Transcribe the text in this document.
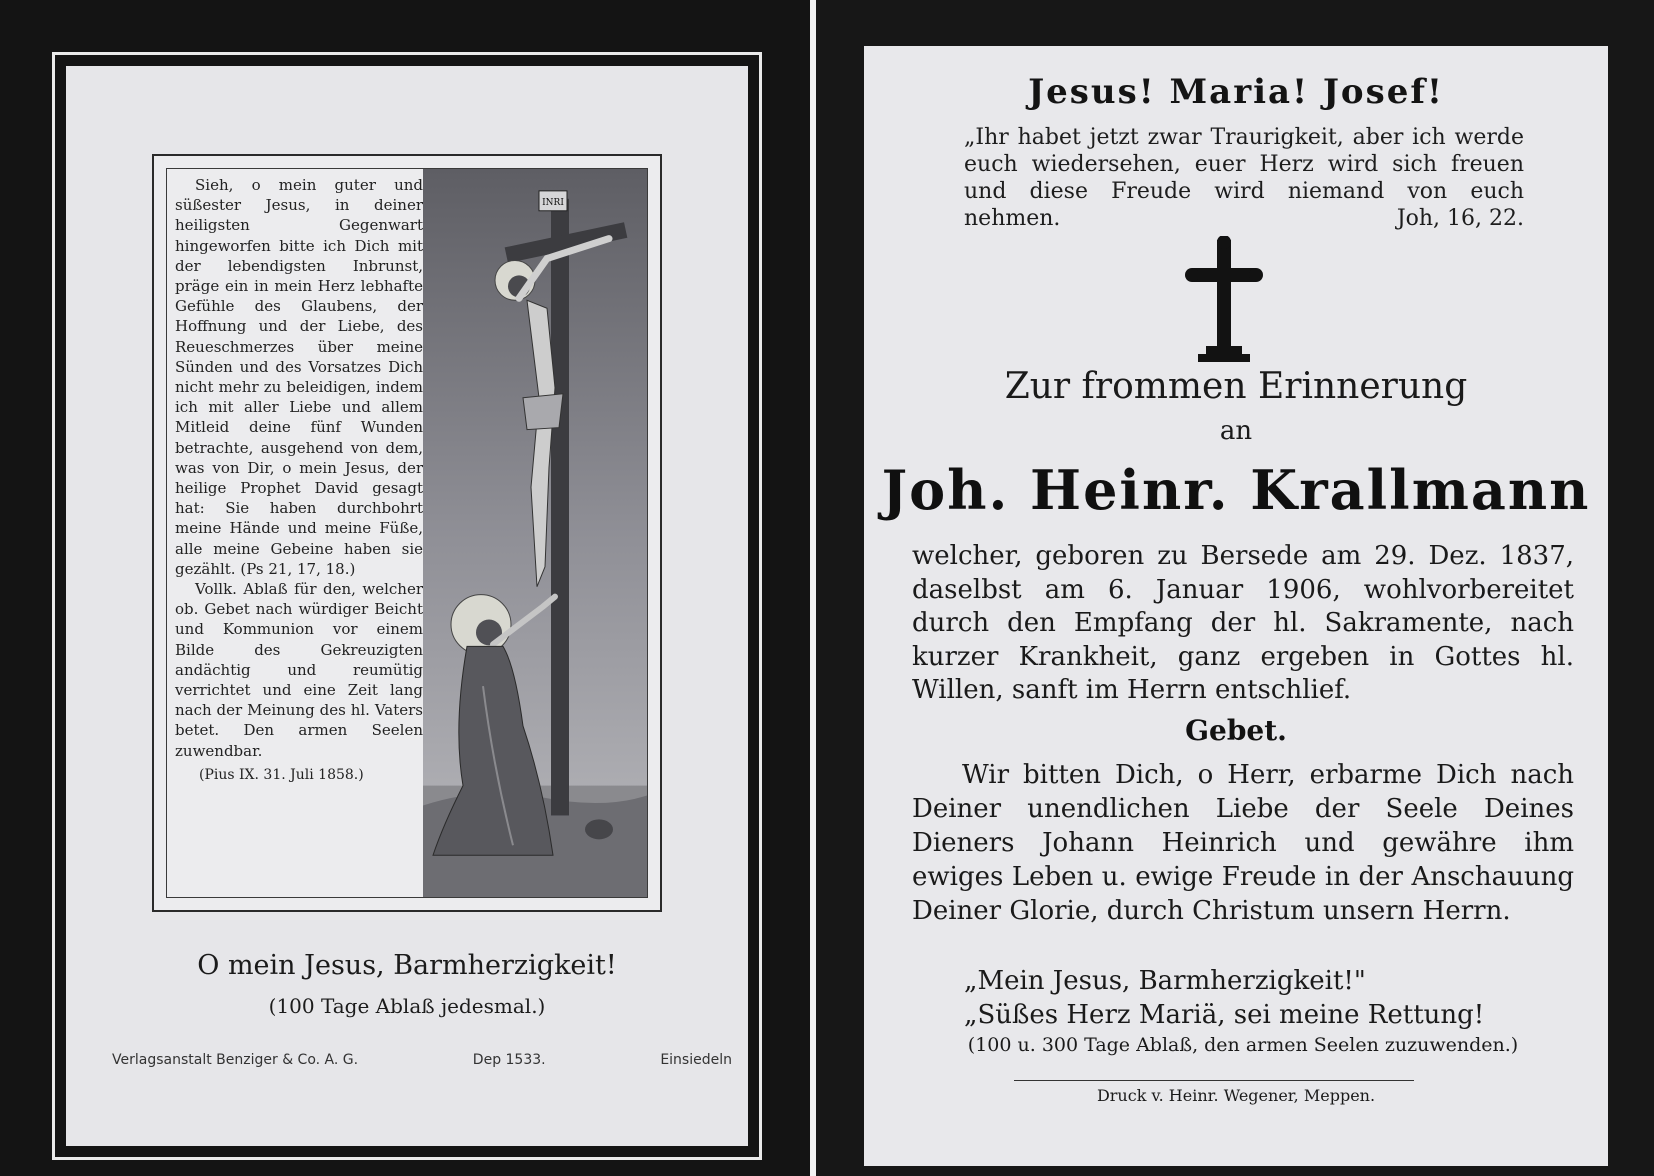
Sieh, o mein guter und süßester Jesus, in deiner heiligsten Gegenwart hingeworfen bitte ich Dich mit der lebendigsten Inbrunst, präge ein in mein Herz lebhafte Gefühle des Glaubens, der Hoffnung und der Liebe, des Reueschmerzes über meine Sünden und des Vorsatzes Dich nicht mehr zu beleidigen, indem ich mit aller Liebe und allem Mitleid deine fünf Wunden betrachte, ausgehend von dem, was von Dir, o mein Jesus, der heilige Prophet David gesagt hat: Sie haben durchbohrt meine Hände und meine Füße, alle meine Gebeine haben sie gezählt. (Ps 21, 17, 18.)

Vollk. Ablaß für den, welcher ob. Gebet nach würdiger Beicht und Kommunion vor einem Bilde des Gekreuzigten andächtig und reumütig verrichtet und eine Zeit lang nach der Meinung des hl. Vaters betet. Den armen Seelen zuwendbar.

(Pius IX. 31. Juli 1858.)
INRI
O mein Jesus, Barmherzigkeit!
(100 Tage Ablaß jedesmal.)
Verlagsanstalt Benziger & Co. A. G.	Dep 1533.	Einsiedeln
Jesus! Maria! Josef!
„Ihr habet jetzt zwar Traurigkeit, aber ich werde euch wiedersehen, euer Herz wird sich freuen und diese Freude wird niemand von euch nehmen.	Joh, 16, 22.
Zur frommen Erinnerung
an
Joh. Heinr. Krallmann
welcher, geboren zu Bersede am 29. Dez. 1837, daselbst am 6. Januar 1906, wohlvorbereitet durch den Empfang der hl. Sakramente, nach kurzer Krankheit, ganz ergeben in Gottes hl. Willen, sanft im Herrn entschlief.
Gebet.
Wir bitten Dich, o Herr, erbarme Dich nach Deiner unendlichen Liebe der Seele Deines Dieners Johann Heinrich und gewähre ihm ewiges Leben u. ewige Freude in der Anschauung Deiner Glorie, durch Christum unsern Herrn.
„Mein Jesus, Barmherzigkeit!"
„Süßes Herz Mariä, sei meine Rettung!
(100 u. 300 Tage Ablaß, den armen Seelen zuzuwenden.)
Druck v. Heinr. Wegener, Meppen.
